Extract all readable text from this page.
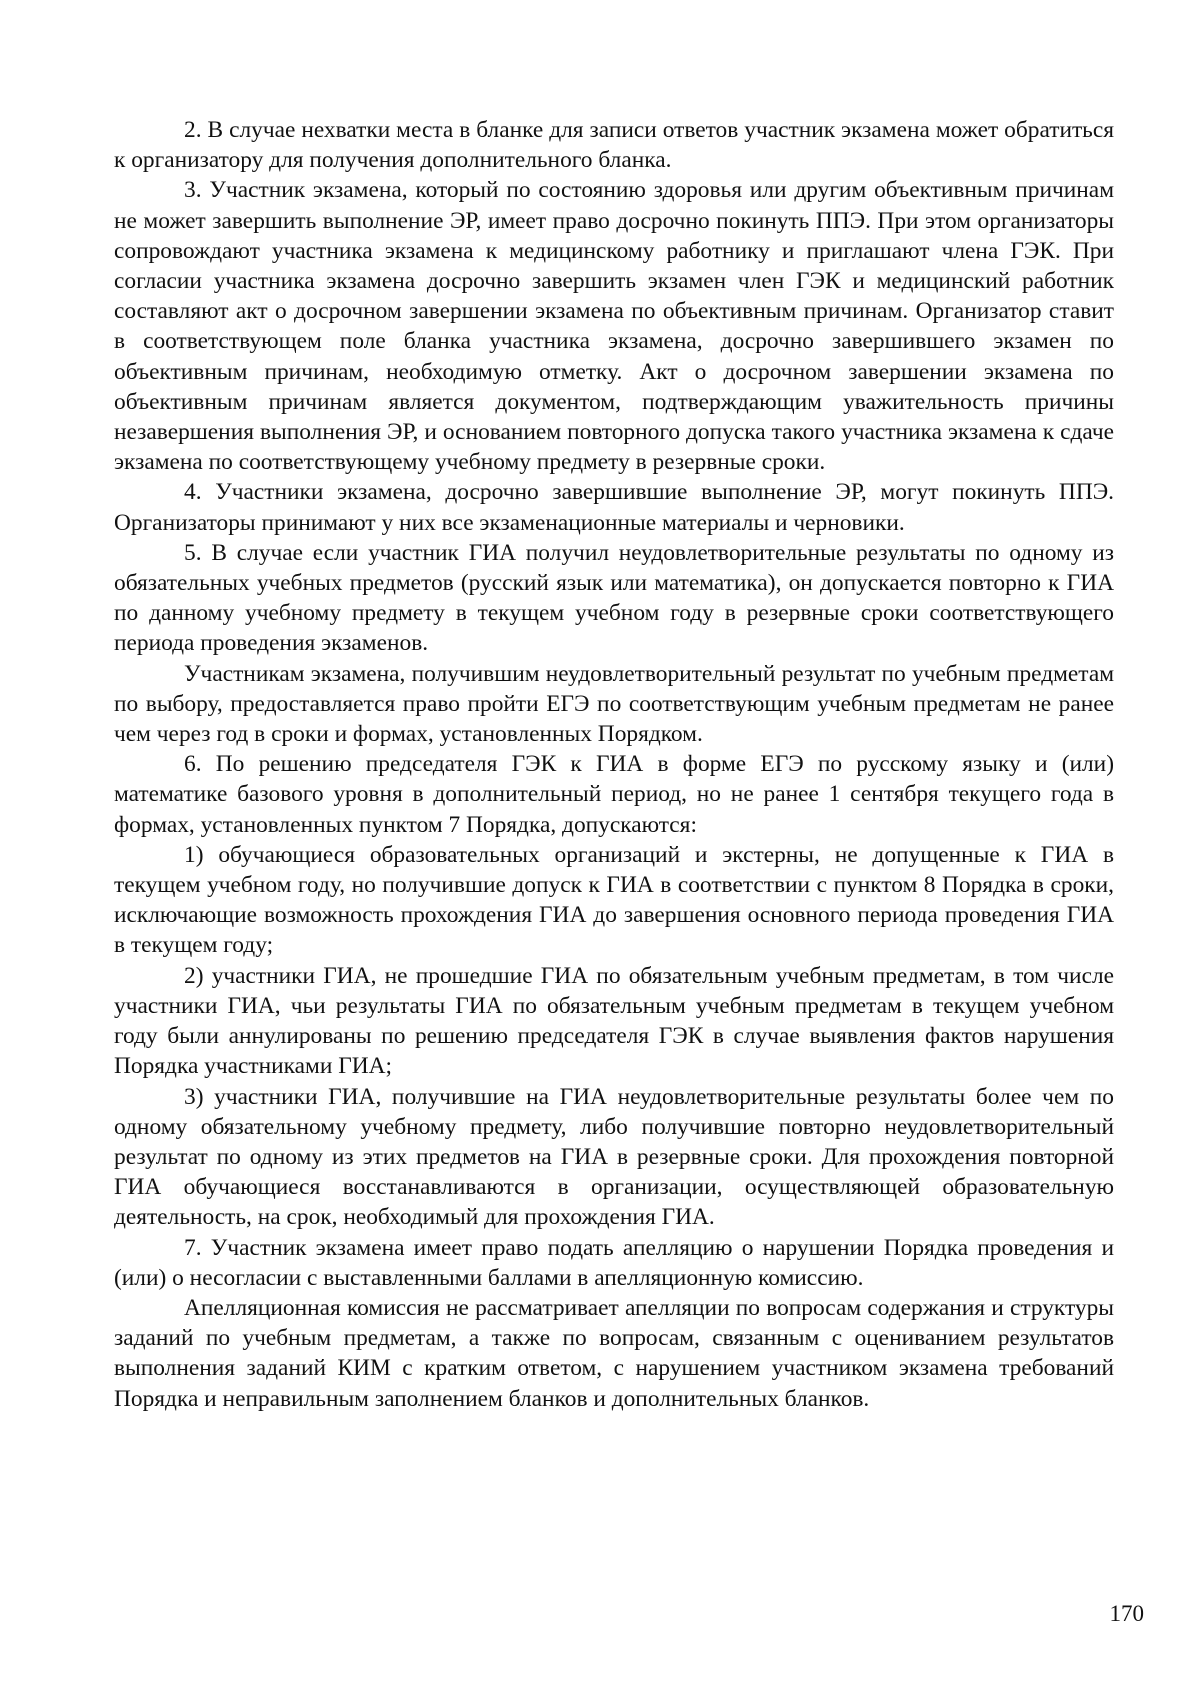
2. В случае нехватки места в бланке для записи ответов участник экзамена может обратиться к организатору для получения дополнительного бланка.

3. Участник экзамена, который по состоянию здоровья или другим объективным причинам не может завершить выполнение ЭР, имеет право досрочно покинуть ППЭ. При этом организаторы сопровождают участника экзамена к медицинскому работнику и приглашают члена ГЭК. При согласии участника экзамена досрочно завершить экзамен член ГЭК и медицинский работник составляют акт о досрочном завершении экзамена по объективным причинам. Организатор ставит в соответствующем поле бланка участника экзамена, досрочно завершившего экзамен по объективным причинам, необходимую отметку. Акт о досрочном завершении экзамена по объективным причинам является документом, подтверждающим уважительность причины незавершения выполнения ЭР, и основанием повторного допуска такого участника экзамена к сдаче экзамена по соответствующему учебному предмету в резервные сроки.

4. Участники экзамена, досрочно завершившие выполнение ЭР, могут покинуть ППЭ. Организаторы принимают у них все экзаменационные материалы и черновики.

5. В случае если участник ГИА получил неудовлетворительные результаты по одному из обязательных учебных предметов (русский язык или математика), он допускается повторно к ГИА по данному учебному предмету в текущем учебном году в резервные сроки соответствующего периода проведения экзаменов.

Участникам экзамена, получившим неудовлетворительный результат по учебным предметам по выбору, предоставляется право пройти ЕГЭ по соответствующим учебным предметам не ранее чем через год в сроки и формах, установленных Порядком.

6. По решению председателя ГЭК к ГИА в форме ЕГЭ по русскому языку и (или) математике базового уровня в дополнительный период, но не ранее 1 сентября текущего года в формах, установленных пунктом 7 Порядка, допускаются:

1) обучающиеся образовательных организаций и экстерны, не допущенные к ГИА в текущем учебном году, но получившие допуск к ГИА в соответствии с пунктом 8 Порядка в сроки, исключающие возможность прохождения ГИА до завершения основного периода проведения ГИА в текущем году;

2) участники ГИА, не прошедшие ГИА по обязательным учебным предметам, в том числе участники ГИА, чьи результаты ГИА по обязательным учебным предметам в текущем учебном году были аннулированы по решению председателя ГЭК в случае выявления фактов нарушения Порядка участниками ГИА;

3) участники ГИА, получившие на ГИА неудовлетворительные результаты более чем по одному обязательному учебному предмету, либо получившие повторно неудовлетворительный результат по одному из этих предметов на ГИА в резервные сроки. Для прохождения повторной ГИА обучающиеся восстанавливаются в организации, осуществляющей образовательную деятельность, на срок, необходимый для прохождения ГИА.

7. Участник экзамена имеет право подать апелляцию о нарушении Порядка проведения и (или) о несогласии с выставленными баллами в апелляционную комиссию.

Апелляционная комиссия не рассматривает апелляции по вопросам содержания и структуры заданий по учебным предметам, а также по вопросам, связанным с оцениванием результатов выполнения заданий КИМ с кратким ответом, с нарушением участником экзамена требований Порядка и неправильным заполнением бланков и дополнительных бланков.

170
